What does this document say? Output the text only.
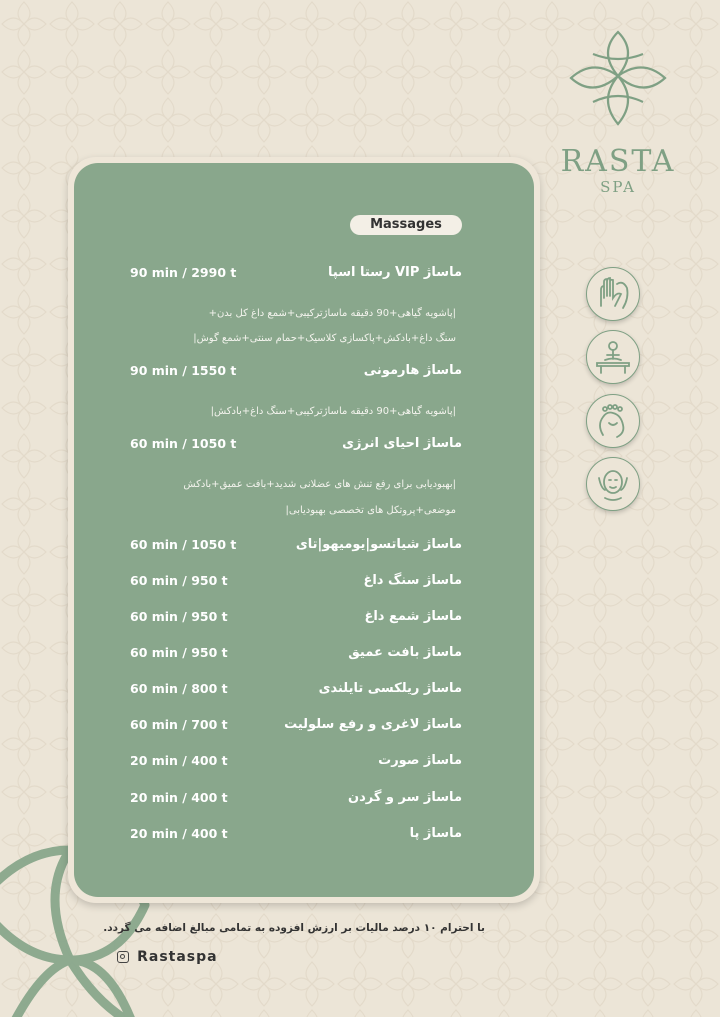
RASTA
SPA
Massages
ماساژ VIP رستا اسپا
90 min / 2990 t
|پاشویه گیاهی+90 دقیقه ماساژترکیبی+شمع داغ کل بدن+
سنگ داغ+بادکش+پاکسازی کلاسیک+حمام سنتی+شمع گوش|
ماساژ هارمونی
90 min / 1550 t
|پاشویه گیاهی+90 دقیقه ماساژترکیبی+سنگ داغ+بادکش|
ماساژ احیای انرژی
60 min / 1050 t
|بهبودیابی برای رفع تنش های عضلانی شدید+بافت عمیق+بادکش
موضعی+پروتکل های تخصصی بهبودیابی|
ماساژ شیاتسو|یومیهو|تای
60 min / 1050 t
ماساژ سنگ داغ
60 min / 950 t
ماساژ شمع داغ
60 min / 950 t
ماساژ بافت عمیق
60 min / 950 t
ماساژ ریلکسی تایلندی
60 min / 800 t
ماساژ لاغری و رفع سلولیت
60 min / 700 t
ماساژ صورت
20 min / 400 t
ماساژ سر و گردن
20 min / 400 t
ماساژ پا
20 min / 400 t
با احترام ۱۰ درصد مالیات بر ارزش افزوده به تمامی مبالغ اضافه می گردد.
Rastaspa
